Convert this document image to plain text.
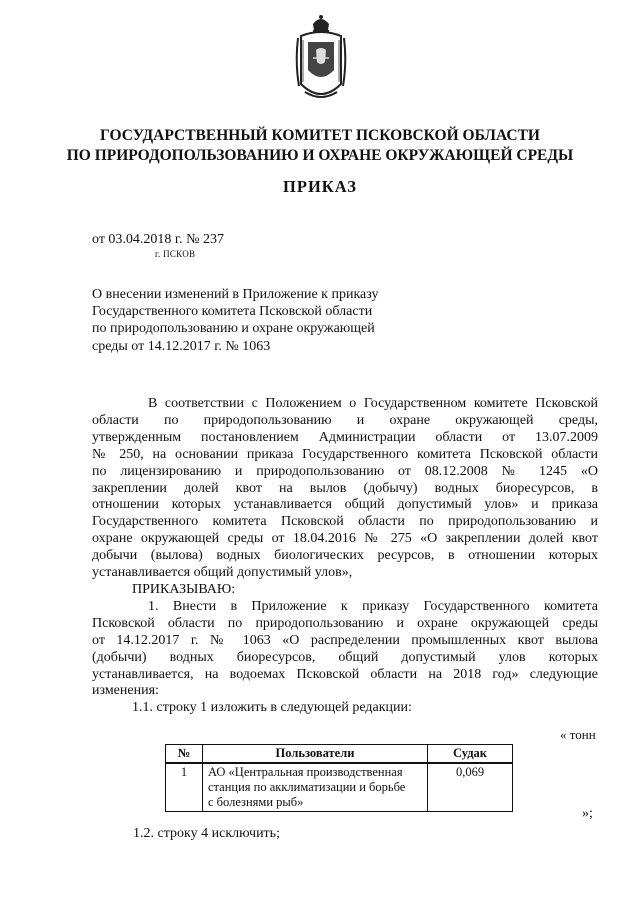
ГОСУДАРСТВЕННЫЙ КОМИТЕТ ПСКОВСКОЙ ОБЛАСТИ
ПО ПРИРОДОПОЛЬЗОВАНИЮ И ОХРАНЕ ОКРУЖАЮЩЕЙ СРЕДЫ
ПРИКАЗ
от 03.04.2018 г. № 237
г. ПСКОВ
О внесении изменений в Приложение к приказу
Государственного комитета Псковской области
по природопользованию и охране окружающей
среды от 14.12.2017 г. № 1063
В соответствии с Положением о Государственном комитете Псковской
области по природопользованию и охране окружающей среды,
утвержденным постановлением Администрации области от 13.07.2009
№ 250, на основании приказа Государственного комитета Псковской области
по лицензированию и природопользованию от 08.12.2008 № 1245 «О
закреплении долей квот на вылов (добычу) водных биоресурсов, в
отношении которых устанавливается общий допустимый улов» и приказа
Государственного комитета Псковской области по природопользованию и
охране окружающей среды от 18.04.2016 № 275 «О закреплении долей квот
добычи (вылова) водных биологических ресурсов, в отношении которых
устанавливается общий допустимый улов»,
ПРИКАЗЫВАЮ:
1. Внести в Приложение к приказу Государственного комитета
Псковской области по природопользованию и охране окружающей среды
от 14.12.2017 г. № 1063 «О распределении промышленных квот вылова
(добычи) водных биоресурсов, общий допустимый улов которых
устанавливается, на водоемах Псковской области на 2018 год» следующие
изменения:
1.1. строку 1 изложить в следующей редакции:
« тонн
№	Пользователи	Судак
1	АО «Центральная производственная
станция по акклиматизации и борьбе
с болезнями рыб»	0,069
»;
1.2. строку 4 исключить;
